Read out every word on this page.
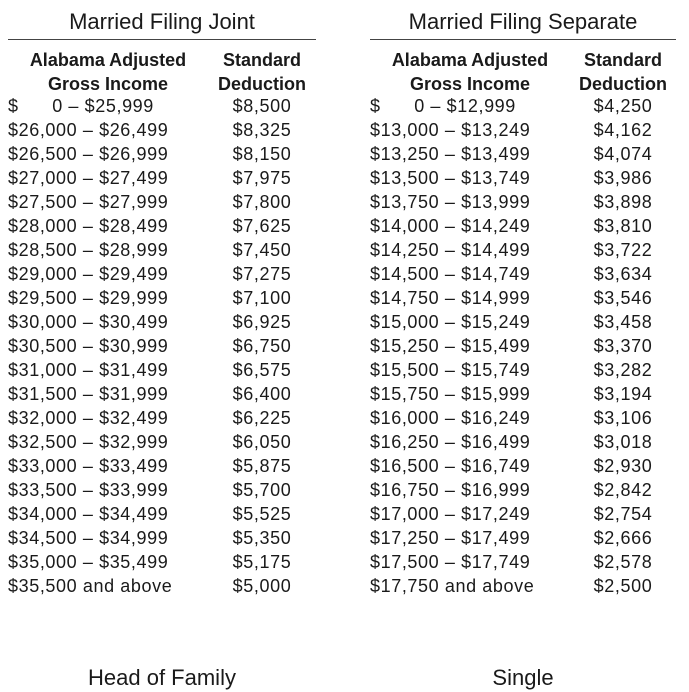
Married Filing Joint
Alabama Adjusted Gross Income
Standard Deduction
$      0 – $25,999	$8,500
$26,000 – $26,499	$8,325
$26,500 – $26,999	$8,150
$27,000 – $27,499	$7,975
$27,500 – $27,999	$7,800
$28,000 – $28,499	$7,625
$28,500 – $28,999	$7,450
$29,000 – $29,499	$7,275
$29,500 – $29,999	$7,100
$30,000 – $30,499	$6,925
$30,500 – $30,999	$6,750
$31,000 – $31,499	$6,575
$31,500 – $31,999	$6,400
$32,000 – $32,499	$6,225
$32,500 – $32,999	$6,050
$33,000 – $33,499	$5,875
$33,500 – $33,999	$5,700
$34,000 – $34,499	$5,525
$34,500 – $34,999	$5,350
$35,000 – $35,499	$5,175
$35,500 and above	$5,000
Married Filing Separate
Alabama Adjusted Gross Income
Standard Deduction
$      0 – $12,999	$4,250
$13,000 – $13,249	$4,162
$13,250 – $13,499	$4,074
$13,500 – $13,749	$3,986
$13,750 – $13,999	$3,898
$14,000 – $14,249	$3,810
$14,250 – $14,499	$3,722
$14,500 – $14,749	$3,634
$14,750 – $14,999	$3,546
$15,000 – $15,249	$3,458
$15,250 – $15,499	$3,370
$15,500 – $15,749	$3,282
$15,750 – $15,999	$3,194
$16,000 – $16,249	$3,106
$16,250 – $16,499	$3,018
$16,500 – $16,749	$2,930
$16,750 – $16,999	$2,842
$17,000 – $17,249	$2,754
$17,250 – $17,499	$2,666
$17,500 – $17,749	$2,578
$17,750 and above	$2,500
Head of Family	Single
